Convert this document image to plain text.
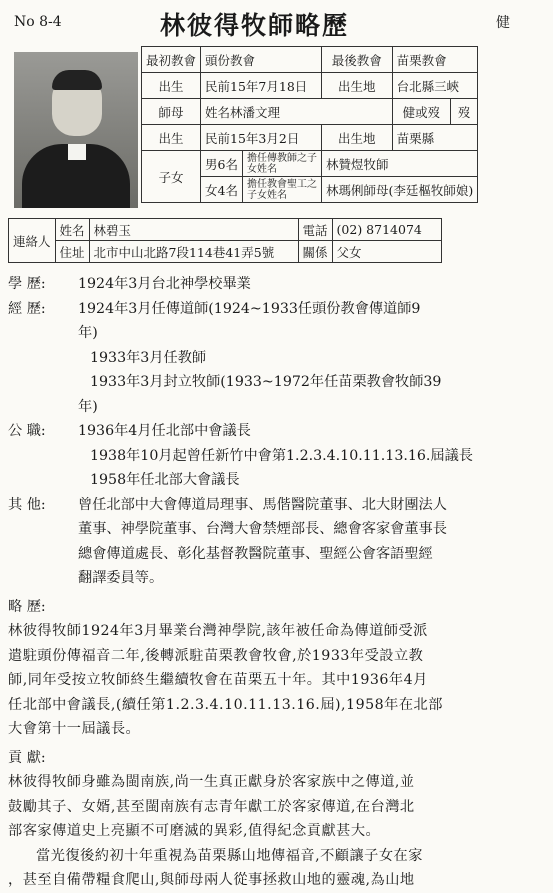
No 8-4	林彼得牧師略歷	健
最初教會	頭份教會		最後教會	苗栗教會	
出生	民前15年7月18日		出生地	台北縣三峽	
師母	姓名林潘文理			健或歿	歿
出生	民前15年3月2日		出生地	苗栗縣	
子女	男6名	擔任傳教師之子女姓名	林贊煜牧師		
	女4名	擔任教會聖工之子女姓名	林瑪俐師母(李廷樞牧師娘)		
連絡人	姓名	林碧玉	電話	(02) 8714074
	住址	北市中山北路7段114巷41弄5號	關係	父女
學 歷:	1924年3月台北神學校畢業
經 歷:	1924年3月任傳道師(1924~1933任頭份教會傳道師9
年)
1933年3月任教師
1933年3月封立牧師(1933~1972年任苗栗教會牧師39
年)
公 職:	1936年4月任北部中會議長
1938年10月起曾任新竹中會第1.2.3.4.10.11.13.16.屆議長
1958年任北部大會議長
其 他:	曾任北部中大會傳道局理事、馬偕醫院董事、北大財團法人
董事、神學院董事、台灣大會禁煙部長、總會客家會董事長
總會傳道處長、彰化基督教醫院董事、聖經公會客語聖經
翻譯委員等。
略 歷:
林彼得牧師1924年3月畢業台灣神學院,該年被任命為傳道師受派
遣駐頭份傳福音二年,後轉派駐苗栗教會牧會,於1933年受設立教
師,同年受按立牧師終生繼續牧會在苗栗五十年。其中1936年4月
任北部中會議長,(續任第1.2.3.4.10.11.13.16.屆),1958年在北部
大會第十一屆議長。
貢 獻:
林彼得牧師身雖為閩南族,尚一生真正獻身於客家族中之傳道,並
鼓勵其子、女婿,甚至閩南族有志青年獻工於客家傳道,在台灣北
部客家傳道史上亮顯不可磨滅的異彩,值得紀念貢獻甚大。
當光復後約初十年重視為苗栗縣山地傳福音,不顧讓子女在家
，甚至自備帶糧食爬山,與師母兩人從事拯救山地的靈魂,為山地
